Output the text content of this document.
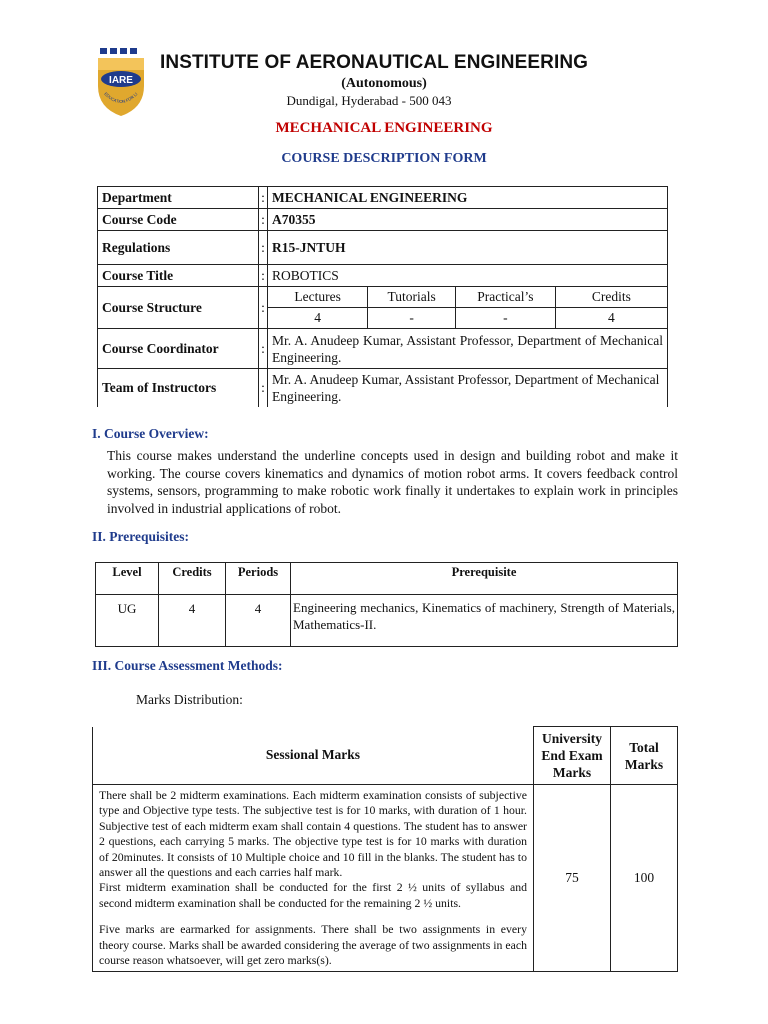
IARE
EDUCATION FOR LI
INSTITUTE OF AERONAUTICAL ENGINEERING
(Autonomous)
Dundigal, Hyderabad - 500 043
MECHANICAL ENGINEERING
COURSE DESCRIPTION FORM
Department	:	MECHANICAL ENGINEERING
Course Code	:	A70355
Regulations	:	R15-JNTUH
Course Title	:	ROBOTICS
Course Structure	:	
Lectures	Tutorials	Practical’s	Credits
4	-	-	4

Course Coordinator	:	Mr. A. Anudeep Kumar, Assistant Professor, Department of Mechanical Engineering.
Team of Instructors	:	Mr. A. Anudeep Kumar, Assistant Professor, Department of Mechanical Engineering.
I. Course Overview:
This course makes understand the underline concepts used in design and building robot and make it working. The course covers kinematics and dynamics of motion robot arms. It covers feedback control systems, sensors, programming to make robotic work finally it undertakes to explain work in principles involved in industrial applications of robot.
II. Prerequisites:
Level	Credits	Periods	Prerequisite
UG	4	4	Engineering mechanics, Kinematics of machinery, Strength of Materials, Mathematics-II.
III. Course Assessment Methods:
Marks Distribution:
Sessional Marks	University End Exam Marks	Total Marks

There shall be 2 midterm examinations. Each midterm examination consists of subjective type and Objective type tests. The subjective test is for 10 marks, with duration of 1 hour. Subjective test of each midterm exam shall contain 4 questions. The student has to answer 2 questions, each carrying 5 marks. The objective type test is for 10 marks with duration of 20minutes. It consists of 10 Multiple choice and 10 fill in the blanks. The student has to answer all the questions and each carries half mark.
First midterm examination shall be conducted for the first 2 ½ units of syllabus and second midterm examination shall be conducted for the remaining 2 ½ units.
Five marks are earmarked for assignments. There shall be two assignments in every theory course. Marks shall be awarded considering the average of two assignments in each course reason whatsoever, will get zero marks(s).	75	100
